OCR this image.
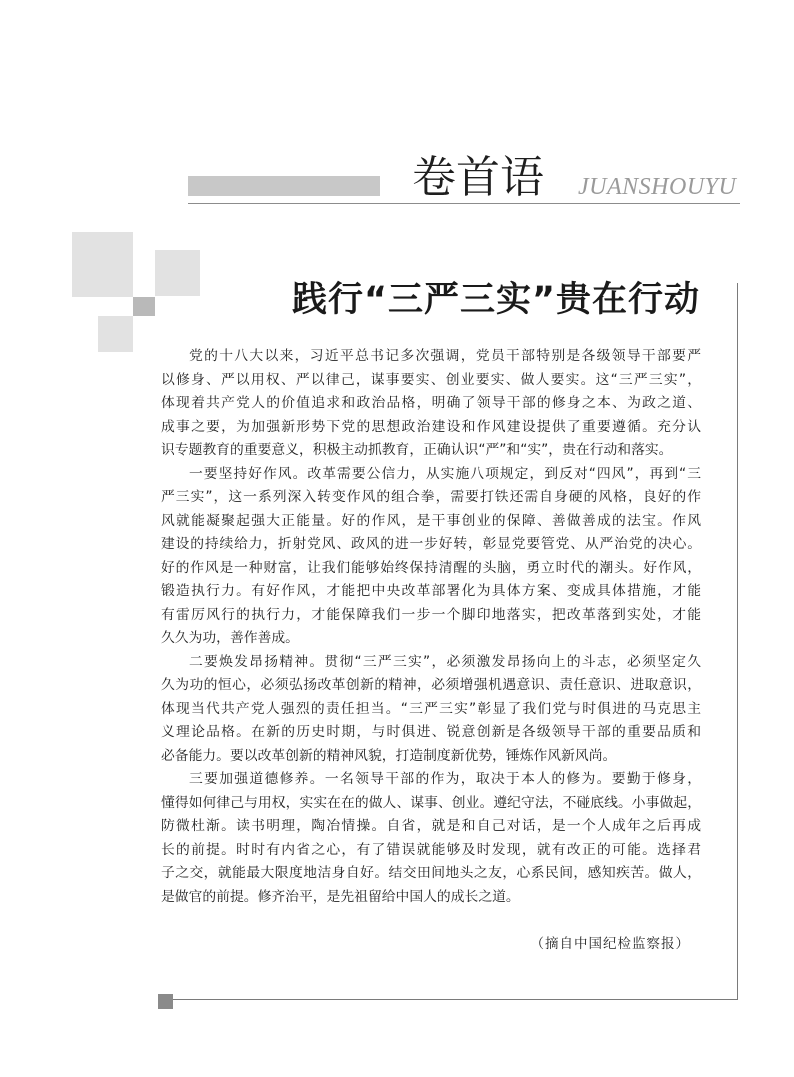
卷首语 JUANSHOUYU
践行“三严三实”贵在行动
党的十八大以来，习近平总书记多次强调，党员干部特别是各级领导干部要严
以修身、严以用权、严以律己，谋事要实、创业要实、做人要实。这“三严三实”，
体现着共产党人的价值追求和政治品格，明确了领导干部的修身之本、为政之道、
成事之要，为加强新形势下党的思想政治建设和作风建设提供了重要遵循。充分认
识专题教育的重要意义，积极主动抓教育，正确认识“严”和“实”，贵在行动和落实。
一要坚持好作风。改革需要公信力，从实施八项规定，到反对“四风”，再到“三
严三实”，这一系列深入转变作风的组合拳，需要打铁还需自身硬的风格，良好的作
风就能凝聚起强大正能量。好的作风，是干事创业的保障、善做善成的法宝。作风
建设的持续给力，折射党风、政风的进一步好转，彰显党要管党、从严治党的决心。
好的作风是一种财富，让我们能够始终保持清醒的头脑，勇立时代的潮头。好作风，
锻造执行力。有好作风，才能把中央改革部署化为具体方案、变成具体措施，才能
有雷厉风行的执行力，才能保障我们一步一个脚印地落实，把改革落到实处，才能
久久为功，善作善成。
二要焕发昂扬精神。贯彻“三严三实”，必须激发昂扬向上的斗志，必须坚定久
久为功的恒心，必须弘扬改革创新的精神，必须增强机遇意识、责任意识、进取意识，
体现当代共产党人强烈的责任担当。“三严三实”彰显了我们党与时俱进的马克思主
义理论品格。在新的历史时期，与时俱进、锐意创新是各级领导干部的重要品质和
必备能力。要以改革创新的精神风貌，打造制度新优势，锤炼作风新风尚。
三要加强道德修养。一名领导干部的作为，取决于本人的修为。要勤于修身，
懂得如何律己与用权，实实在在的做人、谋事、创业。遵纪守法，不碰底线。小事做起，
防微杜渐。读书明理，陶冶情操。自省，就是和自己对话，是一个人成年之后再成
长的前提。时时有内省之心，有了错误就能够及时发现，就有改正的可能。选择君
子之交，就能最大限度地洁身自好。结交田间地头之友，心系民间，感知疾苦。做人，
是做官的前提。修齐治平，是先祖留给中国人的成长之道。
（摘自中国纪检监察报）
